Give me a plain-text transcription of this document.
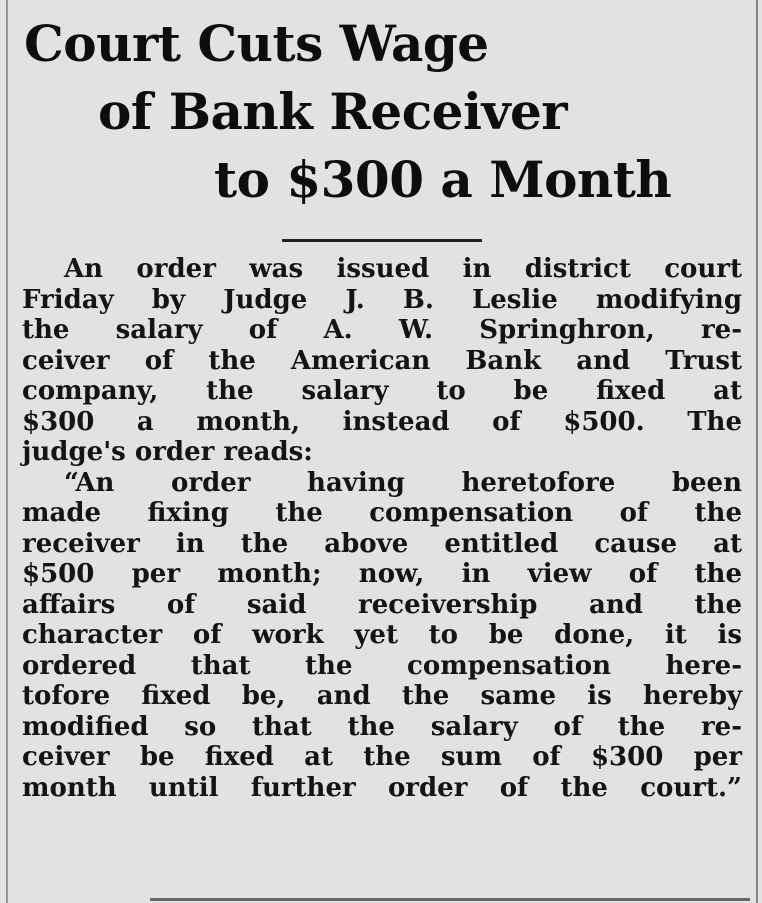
Court Cuts Wage
of Bank Receiver
to $300 a Month
An order was issued in district court
Friday by Judge J. B. Leslie modifying
the salary of A. W. Springhron, re-
ceiver of the American Bank and Trust
company, the salary to be fixed at
$300 a month, instead of $500. The
judge's order reads:
“An order having heretofore been
made fixing the compensation of the
receiver in the above entitled cause at
$500 per month; now, in view of the
affairs of said receivership and the
character of work yet to be done, it is
ordered that the compensation here-
tofore fixed be, and the same is hereby
modified so that the salary of the re-
ceiver be fixed at the sum of $300 per
month until further order of the court.”
